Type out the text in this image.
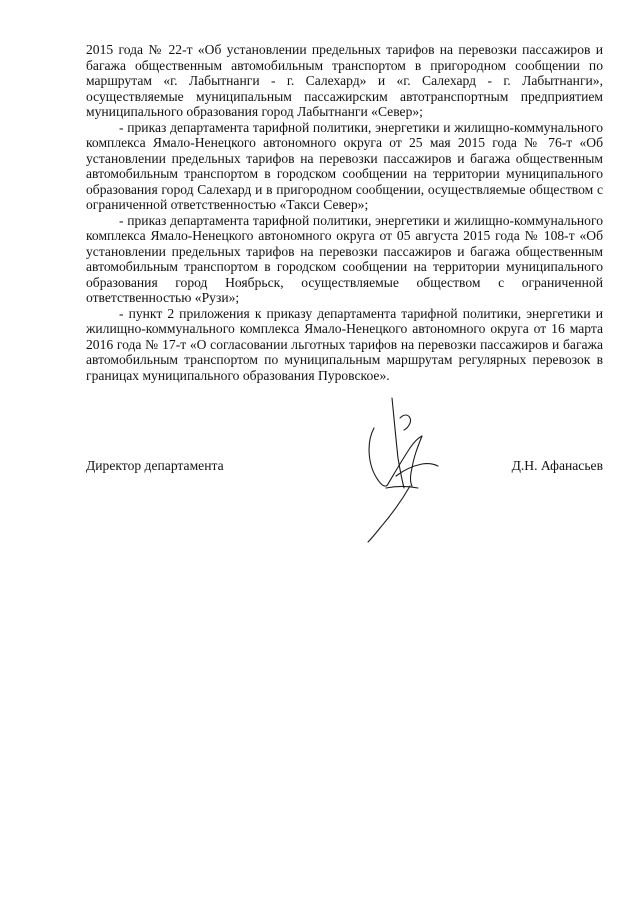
2015 года № 22-т «Об установлении предельных тарифов на перевозки пассажиров и багажа общественным автомобильным транспортом в пригородном сообщении по маршрутам «г. Лабытнанги - г. Салехард» и «г. Салехард - г. Лабытнанги», осуществляемые муниципальным пассажирским автотранспортным предприятием муниципального образования город Лабытнанги «Север»;

- приказ департамента тарифной политики, энергетики и жилищно-коммунального комплекса Ямало-Ненецкого автономного округа от 25 мая 2015 года № 76-т «Об установлении предельных тарифов на перевозки пассажиров и багажа общественным автомобильным транспортом в городском сообщении на территории муниципального образования город Салехард и в пригородном сообщении, осуществляемые обществом с ограниченной ответственностью «Такси Север»;

- приказ департамента тарифной политики, энергетики и жилищно-коммунального комплекса Ямало-Ненецкого автономного округа от 05 августа 2015 года № 108-т «Об установлении предельных тарифов на перевозки пассажиров и багажа общественным автомобильным транспортом в городском сообщении на территории муниципального образования город Ноябрьск, осуществляемые обществом с ограниченной ответственностью «Рузи»;

- пункт 2 приложения к приказу департамента тарифной политики, энергетики и жилищно-коммунального комплекса Ямало-Ненецкого автономного округа от 16 марта 2016 года № 17-т «О согласовании льготных тарифов на перевозки пассажиров и багажа автомобильным транспортом по муниципальным маршрутам регулярных перевозок в границах муниципального образования Пуровское».

Директор департамента	Д.Н. Афанасьев
